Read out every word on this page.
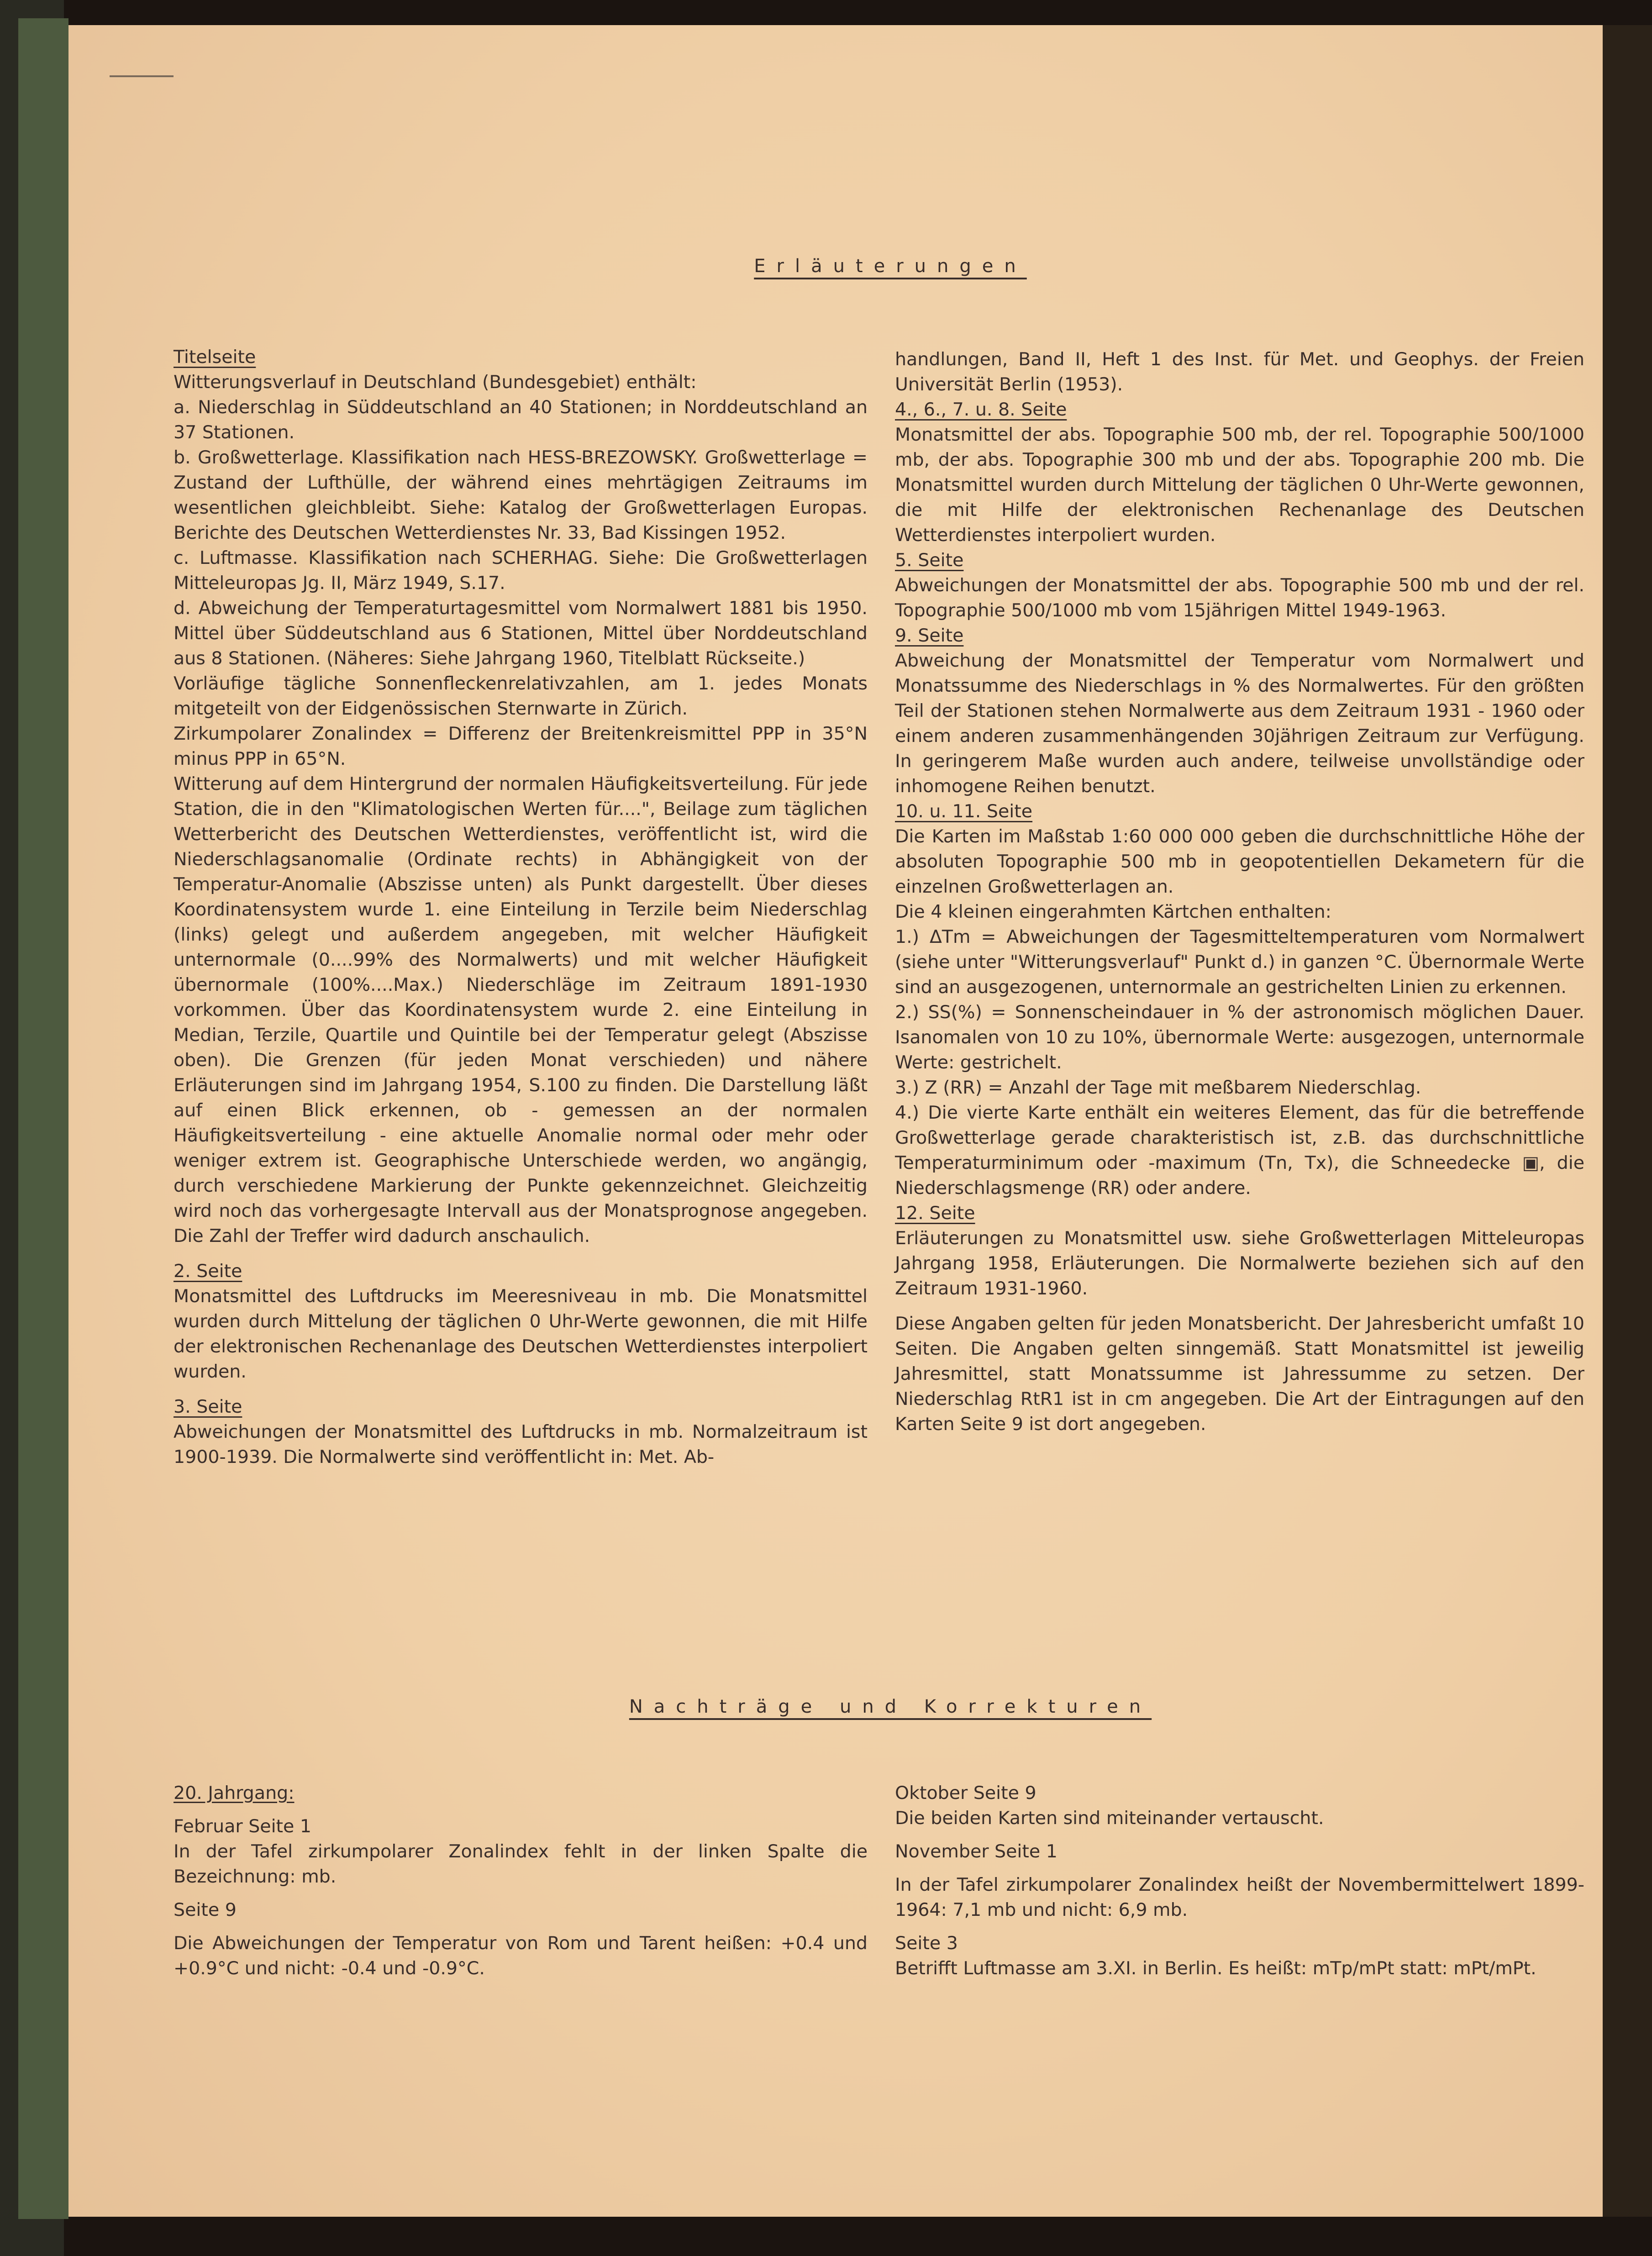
Erläuterungen

Titelseite

Witterungsverlauf in Deutschland (Bundesgebiet) enthält:

a. Niederschlag in Süddeutschland an 40 Stationen; in Norddeutschland an 37 Stationen.

b. Großwetterlage. Klassifikation nach HESS-BREZOWSKY. Großwetterlage = Zustand der Lufthülle, der während eines mehrtägigen Zeitraums im wesentlichen gleichbleibt. Siehe: Katalog der Großwetterlagen Europas. Berichte des Deutschen Wetterdienstes Nr. 33, Bad Kissingen 1952.

c. Luftmasse. Klassifikation nach SCHERHAG. Siehe: Die Großwetterlagen Mitteleuropas Jg. II, März 1949, S.17.

d. Abweichung der Temperaturtagesmittel vom Normalwert 1881 bis 1950. Mittel über Süddeutschland aus 6 Stationen, Mittel über Norddeutschland aus 8 Stationen. (Näheres: Siehe Jahrgang 1960, Titelblatt Rückseite.)

Vorläufige tägliche Sonnenfleckenrelativzahlen, am 1. jedes Monats mitgeteilt von der Eidgenössischen Sternwarte in Zürich.

Zirkumpolarer Zonalindex = Differenz der Breitenkreismittel PPP in 35°N minus PPP in 65°N.

Witterung auf dem Hintergrund der normalen Häufigkeitsverteilung. Für jede Station, die in den "Klimatologischen Werten für....", Beilage zum täglichen Wetterbericht des Deutschen Wetterdienstes, veröffentlicht ist, wird die Niederschlagsanomalie (Ordinate rechts) in Abhängigkeit von der Temperatur-Anomalie (Abszisse unten) als Punkt dargestellt. Über dieses Koordinatensystem wurde 1. eine Einteilung in Terzile beim Niederschlag (links) gelegt und außerdem angegeben, mit welcher Häufigkeit unternormale (0....99% des Normalwerts) und mit welcher Häufigkeit übernormale (100%....Max.) Niederschläge im Zeitraum 1891-1930 vorkommen. Über das Koordinatensystem wurde 2. eine Einteilung in Median, Terzile, Quartile und Quintile bei der Temperatur gelegt (Abszisse oben). Die Grenzen (für jeden Monat verschieden) und nähere Erläuterungen sind im Jahrgang 1954, S.100 zu finden. Die Darstellung läßt auf einen Blick erkennen, ob - gemessen an der normalen Häufigkeitsverteilung - eine aktuelle Anomalie normal oder mehr oder weniger extrem ist. Geographische Unterschiede werden, wo angängig, durch verschiedene Markierung der Punkte gekennzeichnet. Gleichzeitig wird noch das vorhergesagte Intervall aus der Monatsprognose angegeben. Die Zahl der Treffer wird dadurch anschaulich.

2. Seite

Monatsmittel des Luftdrucks im Meeresniveau in mb. Die Monatsmittel wurden durch Mittelung der täglichen 0 Uhr-Werte gewonnen, die mit Hilfe der elektronischen Rechenanlage des Deutschen Wetterdienstes interpoliert wurden.

3. Seite

Abweichungen der Monatsmittel des Luftdrucks in mb. Normalzeitraum ist 1900-1939. Die Normalwerte sind veröffentlicht in: Met. Ab-

handlungen, Band II, Heft 1 des Inst. für Met. und Geophys. der Freien Universität Berlin (1953).

4., 6., 7. u. 8. Seite

Monatsmittel der abs. Topographie 500 mb, der rel. Topographie 500/1000 mb, der abs. Topographie 300 mb und der abs. Topographie 200 mb. Die Monatsmittel wurden durch Mittelung der täglichen 0 Uhr-Werte gewonnen, die mit Hilfe der elektronischen Rechenanlage des Deutschen Wetterdienstes interpoliert wurden.

5. Seite

Abweichungen der Monatsmittel der abs. Topographie 500 mb und der rel. Topographie 500/1000 mb vom 15jährigen Mittel 1949-1963.

9. Seite

Abweichung der Monatsmittel der Temperatur vom Normalwert und Monatssumme des Niederschlags in % des Normalwertes. Für den größten Teil der Stationen stehen Normalwerte aus dem Zeitraum 1931 - 1960 oder einem anderen zusammenhängenden 30jährigen Zeitraum zur Verfügung. In geringerem Maße wurden auch andere, teilweise unvollständige oder inhomogene Reihen benutzt.

10. u. 11. Seite

Die Karten im Maßstab 1:60 000 000 geben die durchschnittliche Höhe der absoluten Topographie 500 mb in geopotentiellen Dekametern für die einzelnen Großwetterlagen an.

Die 4 kleinen eingerahmten Kärtchen enthalten:

1.) ΔTm = Abweichungen der Tagesmitteltemperaturen vom Normalwert (siehe unter "Witterungsverlauf" Punkt d.) in ganzen °C. Übernormale Werte sind an ausgezogenen, unternormale an gestrichelten Linien zu erkennen.

2.) SS(%) = Sonnenscheindauer in % der astronomisch möglichen Dauer. Isanomalen von 10 zu 10%, übernormale Werte: ausgezogen, unternormale Werte: gestrichelt.

3.) Z (RR) = Anzahl der Tage mit meßbarem Niederschlag.

4.) Die vierte Karte enthält ein weiteres Element, das für die betreffende Großwetterlage gerade charakteristisch ist, z.B. das durchschnittliche Temperaturminimum oder -maximum (Tn, Tx), die Schneedecke ▣, die Niederschlagsmenge (RR) oder andere.

12. Seite

Erläuterungen zu Monatsmittel usw. siehe Großwetterlagen Mitteleuropas Jahrgang 1958, Erläuterungen. Die Normalwerte beziehen sich auf den Zeitraum 1931-1960.

Diese Angaben gelten für jeden Monatsbericht. Der Jahresbericht umfaßt 10 Seiten. Die Angaben gelten sinngemäß. Statt Monatsmittel ist jeweilig Jahresmittel, statt Monatssumme ist Jahressumme zu setzen. Der Niederschlag RtR1 ist in cm angegeben. Die Art der Eintragungen auf den Karten Seite 9 ist dort angegeben.

Nachträge und Korrekturen

20. Jahrgang:

Februar Seite 1

In der Tafel zirkumpolarer Zonalindex fehlt in der linken Spalte die Bezeichnung: mb.

Seite 9

Die Abweichungen der Temperatur von Rom und Tarent heißen: +0.4 und +0.9°C und nicht: -0.4 und -0.9°C.

Oktober Seite 9

Die beiden Karten sind miteinander vertauscht.

November Seite 1

In der Tafel zirkumpolarer Zonalindex heißt der Novembermittelwert 1899-1964: 7,1 mb und nicht: 6,9 mb.

Seite 3

Betrifft Luftmasse am 3.XI. in Berlin. Es heißt: mTp/mPt statt: mPt/mPt.
